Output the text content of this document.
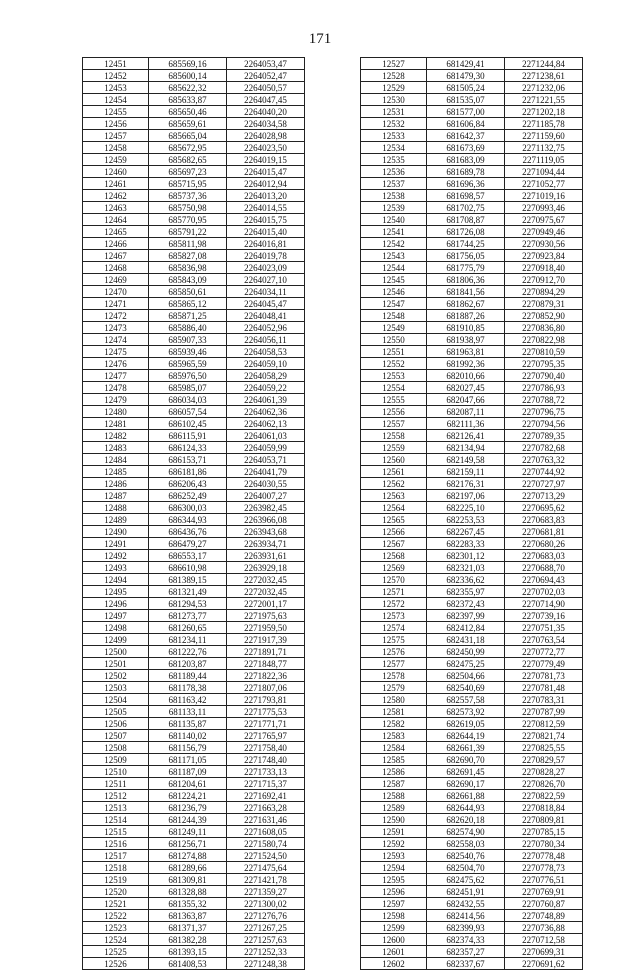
171
12451	685569,16	2264053,47
12452	685600,14	2264052,47
12453	685622,32	2264050,57
12454	685633,87	2264047,45
12455	685650,46	2264040,20
12456	685659,61	2264034,58
12457	685665,04	2264028,98
12458	685672,95	2264023,50
12459	685682,65	2264019,15
12460	685697,23	2264015,47
12461	685715,95	2264012,94
12462	685737,36	2264013,20
12463	685750,98	2264014,55
12464	685770,95	2264015,75
12465	685791,22	2264015,40
12466	685811,98	2264016,81
12467	685827,08	2264019,78
12468	685836,98	2264023,09
12469	685843,09	2264027,10
12470	685850,61	2264034,11
12471	685865,12	2264045,47
12472	685871,25	2264048,41
12473	685886,40	2264052,96
12474	685907,33	2264056,11
12475	685939,46	2264058,53
12476	685965,59	2264059,10
12477	685976,50	2264058,29
12478	685985,07	2264059,22
12479	686034,03	2264061,39
12480	686057,54	2264062,36
12481	686102,45	2264062,13
12482	686115,91	2264061,03
12483	686124,33	2264059,99
12484	686153,71	2264053,71
12485	686181,86	2264041,79
12486	686206,43	2264030,55
12487	686252,49	2264007,27
12488	686300,03	2263982,45
12489	686344,93	2263966,08
12490	686436,76	2263943,68
12491	686479,27	2263934,71
12492	686553,17	2263931,61
12493	686610,98	2263929,18
12494	681389,15	2272032,45
12495	681321,49	2272032,45
12496	681294,53	2272001,17
12497	681273,77	2271975,63
12498	681260,65	2271959,50
12499	681234,11	2271917,39
12500	681222,76	2271891,71
12501	681203,87	2271848,77
12502	681189,44	2271822,36
12503	681178,38	2271807,06
12504	681163,42	2271793,81
12505	681133,11	2271775,53
12506	681135,87	2271771,71
12507	681140,02	2271765,97
12508	681156,79	2271758,40
12509	681171,05	2271748,40
12510	681187,09	2271733,13
12511	681204,61	2271715,37
12512	681224,21	2271692,41
12513	681236,79	2271663,28
12514	681244,39	2271631,46
12515	681249,11	2271608,05
12516	681256,71	2271580,74
12517	681274,88	2271524,50
12518	681289,66	2271475,64
12519	681309,81	2271421,78
12520	681328,88	2271359,27
12521	681355,32	2271300,02
12522	681363,87	2271276,76
12523	681371,37	2271267,25
12524	681382,28	2271257,63
12525	681393,15	2271252,33
12526	681408,53	2271248,38
12527	681429,41	2271244,84
12528	681479,30	2271238,61
12529	681505,24	2271232,06
12530	681535,07	2271221,55
12531	681577,00	2271202,18
12532	681606,84	2271185,78
12533	681642,37	2271159,60
12534	681673,69	2271132,75
12535	681683,09	2271119,05
12536	681689,78	2271094,44
12537	681696,36	2271052,77
12538	681698,57	2271019,16
12539	681702,75	2270993,46
12540	681708,87	2270975,67
12541	681726,08	2270949,46
12542	681744,25	2270930,56
12543	681756,05	2270923,84
12544	681775,79	2270918,40
12545	681806,36	2270912,70
12546	681841,56	2270894,29
12547	681862,67	2270879,31
12548	681887,26	2270852,90
12549	681910,85	2270836,80
12550	681938,97	2270822,98
12551	681963,81	2270810,59
12552	681992,36	2270795,35
12553	682010,66	2270790,40
12554	682027,45	2270786,93
12555	682047,66	2270788,72
12556	682087,11	2270796,75
12557	682111,36	2270794,56
12558	682126,41	2270789,35
12559	682134,94	2270782,68
12560	682149,58	2270763,32
12561	682159,11	2270744,92
12562	682176,31	2270727,97
12563	682197,06	2270713,29
12564	682225,10	2270695,62
12565	682253,53	2270683,83
12566	682267,45	2270681,81
12567	682283,33	2270680,26
12568	682301,12	2270683,03
12569	682321,03	2270688,70
12570	682336,62	2270694,43
12571	682355,97	2270702,03
12572	682372,43	2270714,90
12573	682397,99	2270739,16
12574	682412,84	2270751,35
12575	682431,18	2270763,54
12576	682450,99	2270772,77
12577	682475,25	2270779,49
12578	682504,66	2270781,73
12579	682540,69	2270781,48
12580	682557,58	2270783,31
12581	682573,92	2270787,99
12582	682619,05	2270812,59
12583	682644,19	2270821,74
12584	682661,39	2270825,55
12585	682690,70	2270829,57
12586	682691,45	2270828,27
12587	682690,17	2270826,70
12588	682661,88	2270822,59
12589	682644,93	2270818,84
12590	682620,18	2270809,81
12591	682574,90	2270785,15
12592	682558,03	2270780,34
12593	682540,76	2270778,48
12594	682504,70	2270778,73
12595	682475,62	2270776,51
12596	682451,91	2270769,91
12597	682432,55	2270760,87
12598	682414,56	2270748,89
12599	682399,93	2270736,88
12600	682374,33	2270712,58
12601	682357,27	2270699,31
12602	682337,67	2270691,62
